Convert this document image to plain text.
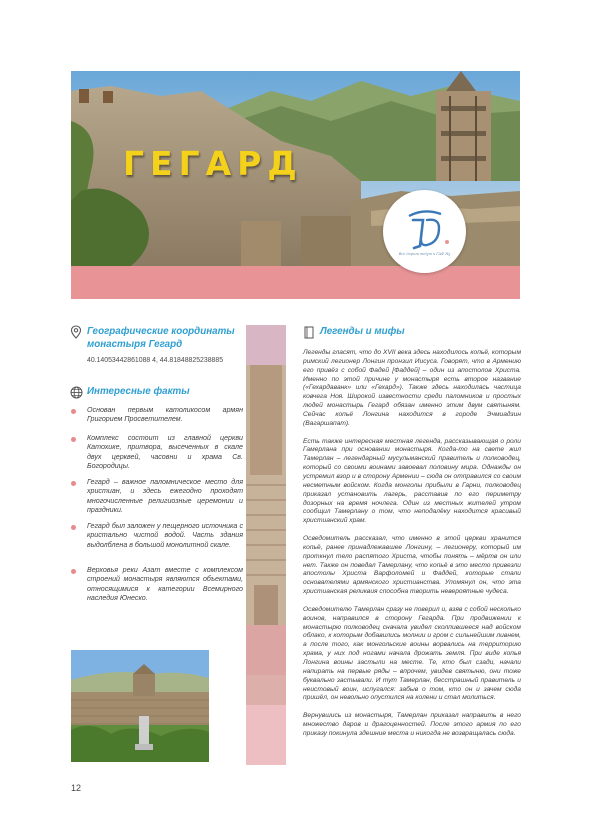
ГЕГАРД
Все дороги ведут к ГАФ Ну
Географические координаты монастыря Гегард
40.14053442861088 4, 44.81848825238885
Интересные факты
Основан первым католикосом армян Григорием Просветителем.
Комплекс состоит из главной церкви Катохике, притвора, высеченных в скале двух церквей, часовни и храма Св. Богородицы.
Гегард – важное паломническое место для христиан, и здесь ежегодно проходят многочисленные религиозные церемонии и праздники.
Гегард был заложен у пещерного источника с кристально чистой водой. Часть здания выдолблена в большой монолитной скале.
Верховья реки Азат вместе с комплексом строений монастыря являются объектами, относящимися к категории Всемирного наследия Юнеско.
Легенды и мифы

Легенды гласят, что до XVII века здесь находилось копьё, которым римский легионер Лонгин пронзил Иисуса. Говорят, что в Армению его привёз с собой Фадей [Фаддей] – один из апостолов Христа. Именно по этой причине у монастыря есть второе название («Гехардаванк» или «Гехард»). Также здесь находилась частица ковчега Ноя. Широкой известности среди паломников и простых людей монастырь Гегард обязан именно этим двум святыням. Сейчас копьё Лонгина находится в городе Эчмиадзин (Вагаршапат).

Есть также интересная местная легенда, рассказывающая о роли Гамерлана при основании монастыря. Когда-то на свете жил Тамерлан – легендарный мусульманский правитель и полководец, который со своими воинами завоевал половину мира. Однажды он устремил взор и в сторону Армении – сюда он отправился со своим несметным войском. Когда монголы прибыли в Гарни, полководец приказал установить лагерь, расставив по его периметру дозорных на время ночлега. Один из местных жителей утром сообщил Тамерлану о том, что неподалёку находится красивый христианский храм.

Осведомитель рассказал, что именно в этой церкви хранится копьё, ранее принадлежавшее Лонгину, – легионеру, который им проткнул тело распятого Христа, чтобы понять – мёртв он или нет. Также он поведал Тамерлану, что копьё в это место привезли апостолы Христа Варфоломей и Фаддей, которые стали основателями армянского христианства. Упомянул он, что эта христианская реликвия способна творить невероятные чудеса.

Осведомителю Тамерлан сразу не поверил и, взяв с собой несколько воинов, направился в сторону Гегарда. При продвижении к монастырю полководец сначала увидел сколпившееся над войском облако, к которым добавились молнии и гром с сильнейшим ливнем, а после того, как монгольские воины ворвались на территорию храма, у них под ногами начала дрожать земля. При виде копья Лонгина воины застыли на месте. Те, кто был сзади, начали напирать на первые ряды – впрочем, увидев святыню, они тоже буквально застывали. И тут Тамерлан, бесстрашный правитель и неистовый воин, испугался: забыв о том, кто он и зачем сюда пришёл, он невольно опустился на колени и стал молиться.

Вернувшись из монастыря, Тамерлан приказал направить в него множество даров и драгоценностей. После этого армия по его приказу покинула здешние места и никогда не возвращалась сюда.

12
